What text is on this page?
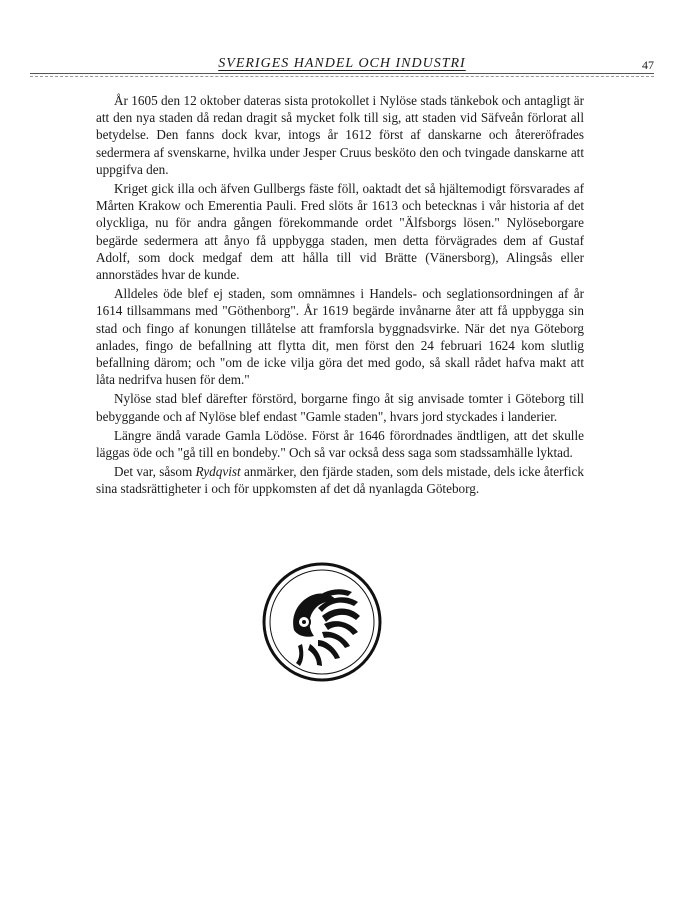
SVERIGES HANDEL OCH INDUSTRI	47

År 1605 den 12 oktober dateras sista protokollet i Nylöse stads tänkebok och antagligt är att den nya staden då redan dragit så mycket folk till sig, att staden vid Säfveån förlorat all betydelse. Den fanns dock kvar, intogs år 1612 först af danskarne och återeröfrades sedermera af svenskarne, hvilka under Jesper Cruus besköto den och tvingade danskarne att uppgifva den.

Kriget gick illa och äfven Gullbergs fäste föll, oaktadt det så hjältemodigt försvarades af Mårten Krakow och Emerentia Pauli. Fred slöts år 1613 och betecknas i vår historia af det olyckliga, nu för andra gången förekommande ordet "Älfsborgs lösen." Nylöseborgare begärde sedermera att ånyo få uppbygga staden, men detta förvägrades dem af Gustaf Adolf, som dock medgaf dem att hålla till vid Brätte (Vänersborg), Alingsås eller annorstädes hvar de kunde.

Alldeles öde blef ej staden, som omnämnes i Handels- och seglationsordningen af år 1614 tillsammans med "Göthenborg". År 1619 begärde invånarne åter att få uppbygga sin stad och fingo af konungen tillåtelse att framforsla byggnadsvirke. När det nya Göteborg anlades, fingo de befallning att flytta dit, men först den 24 februari 1624 kom slutlig befallning därom; och "om de icke vilja göra det med godo, så skall rådet hafva makt att låta nedrifva husen för dem."

Nylöse stad blef därefter förstörd, borgarne fingo åt sig anvisade tomter i Göteborg till bebyggande och af Nylöse blef endast "Gamle staden", hvars jord styckades i landerier.

Längre ändå varade Gamla Lödöse. Först år 1646 förordnades ändtligen, att det skulle läggas öde och "gå till en bondeby." Och så var också dess saga som stadssamhälle lyktad.

Det var, såsom Rydqvist anmärker, den fjärde staden, som dels mistade, dels icke återfick sina stadsrättigheter i och för uppkomsten af det då nyanlagda Göteborg.
